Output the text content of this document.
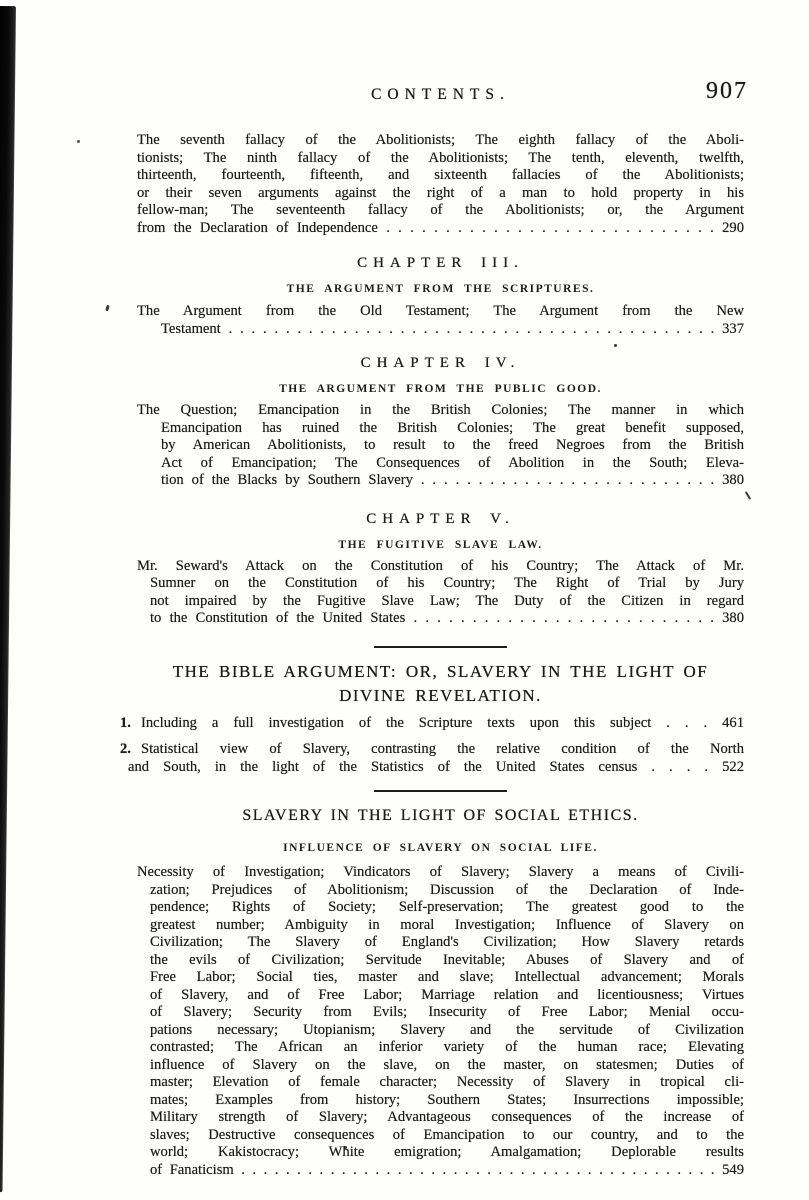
CONTENTS.	907
The seventh fallacy of the Abolitionists; The eighth fallacy of the Aboli-
tionists; The ninth fallacy of the Abolitionists; The tenth, eleventh, twelfth,
thirteenth, fourteenth, fifteenth, and sixteenth fallacies of the Abolitionists;
or their seven arguments against the right of a man to hold property in his
fellow-man; The seventeenth fallacy of the Abolitionists; or, the Argument
from the Declaration of Independence . . . . . . . . . . . . . . . . . . . . . . . . . . . . 290
CHAPTER III.
THE ARGUMENT FROM THE SCRIPTURES.
The Argument from the Old Testament; The Argument from the New
Testament . . . . . . . . . . . . . . . . . . . . . . . . . . . . . . . . . . . . . . . . . . . 337
CHAPTER IV.
THE ARGUMENT FROM THE PUBLIC GOOD.
The Question; Emancipation in the British Colonies; The manner in which
Emancipation has ruined the British Colonies; The great benefit supposed,
by American Abolitionists, to result to the freed Negroes from the British
Act of Emancipation; The Consequences of Abolition in the South; Eleva-
tion of the Blacks by Southern Slavery . . . . . . . . . . . . . . . . . . . . . . . . . . 380
CHAPTER V.
THE FUGITIVE SLAVE LAW.
Mr. Seward's Attack on the Constitution of his Country; The Attack of Mr.
Sumner on the Constitution of his Country; The Right of Trial by Jury
not impaired by the Fugitive Slave Law; The Duty of the Citizen in regard
to the Constitution of the United States . . . . . . . . . . . . . . . . . . . . . . . . . . 380
THE BIBLE ARGUMENT: OR, SLAVERY IN THE LIGHT OF
DIVINE REVELATION.
1. Including a full investigation of the Scripture texts upon this subject . . . 461
2. Statistical view of Slavery, contrasting the relative condition of the North
and South, in the light of the Statistics of the United States census . . . . 522
SLAVERY IN THE LIGHT OF SOCIAL ETHICS.
INFLUENCE OF SLAVERY ON SOCIAL LIFE.
Necessity of Investigation; Vindicators of Slavery; Slavery a means of Civili-
zation; Prejudices of Abolitionism; Discussion of the Declaration of Inde-
pendence; Rights of Society; Self-preservation; The greatest good to the
greatest number; Ambiguity in moral Investigation; Influence of Slavery on
Civilization; The Slavery of England's Civilization; How Slavery retards
the evils of Civilization; Servitude Inevitable; Abuses of Slavery and of
Free Labor; Social ties, master and slave; Intellectual advancement; Morals
of Slavery, and of Free Labor; Marriage relation and licentiousness; Virtues
of Slavery; Security from Evils; Insecurity of Free Labor; Menial occu-
pations necessary; Utopianism; Slavery and the servitude of Civilization
contrasted; The African an inferior variety of the human race; Elevating
influence of Slavery on the slave, on the master, on statesmen; Duties of
master; Elevation of female character; Necessity of Slavery in tropical cli-
mates; Examples from history; Southern States; Insurrections impossible;
Military strength of Slavery; Advantageous consequences of the increase of
slaves; Destructive consequences of Emancipation to our country, and to the
world; Kakistocracy; White emigration; Amalgamation; Deplorable results
of Fanaticism . . . . . . . . . . . . . . . . . . . . . . . . . . . . . . . . . . . . . . . . . . . 549
